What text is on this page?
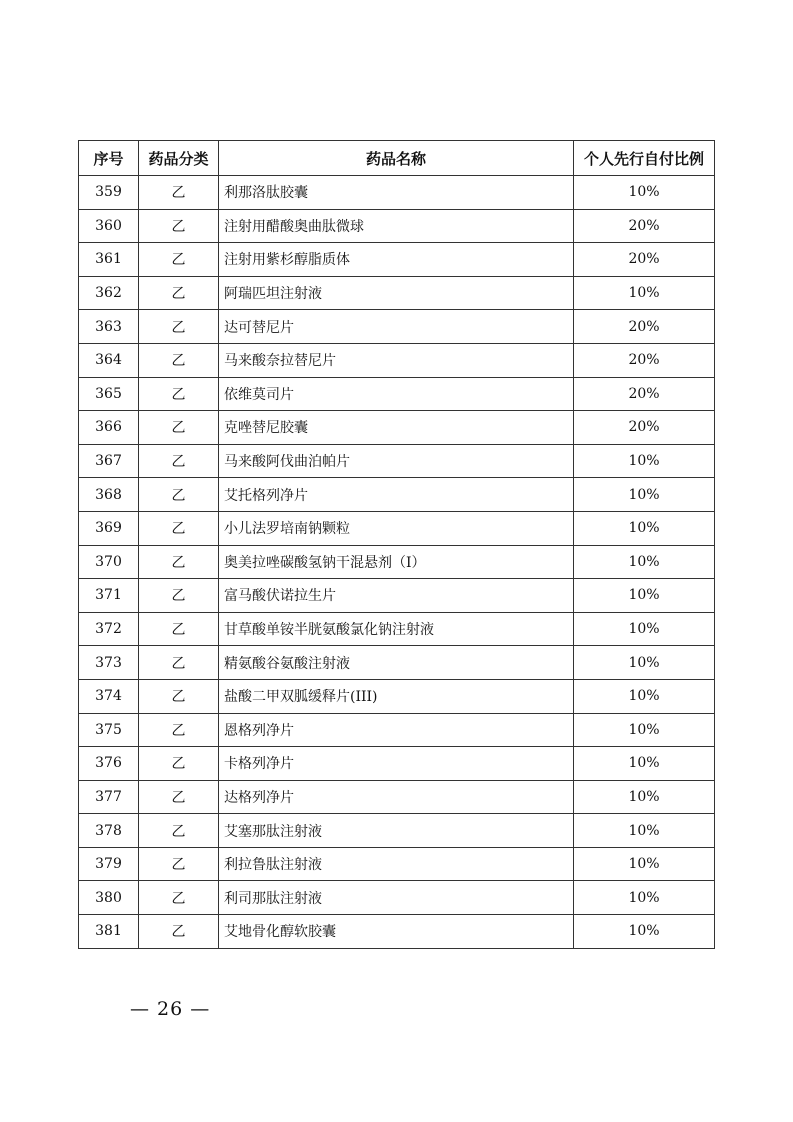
序号	药品分类	药品名称	个人先行自付比例
359	乙	利那洛肽胶囊	10%
360	乙	注射用醋酸奥曲肽微球	20%
361	乙	注射用紫杉醇脂质体	20%
362	乙	阿瑞匹坦注射液	10%
363	乙	达可替尼片	20%
364	乙	马来酸奈拉替尼片	20%
365	乙	依维莫司片	20%
366	乙	克唑替尼胶囊	20%
367	乙	马来酸阿伐曲泊帕片	10%
368	乙	艾托格列净片	10%
369	乙	小儿法罗培南钠颗粒	10%
370	乙	奥美拉唑碳酸氢钠干混悬剂（Ⅰ）	10%
371	乙	富马酸伏诺拉生片	10%
372	乙	甘草酸单铵半胱氨酸氯化钠注射液	10%
373	乙	精氨酸谷氨酸注射液	10%
374	乙	盐酸二甲双胍缓释片(III)	10%
375	乙	恩格列净片	10%
376	乙	卡格列净片	10%
377	乙	达格列净片	10%
378	乙	艾塞那肽注射液	10%
379	乙	利拉鲁肽注射液	10%
380	乙	利司那肽注射液	10%
381	乙	艾地骨化醇软胶囊	10%
— 26 —
